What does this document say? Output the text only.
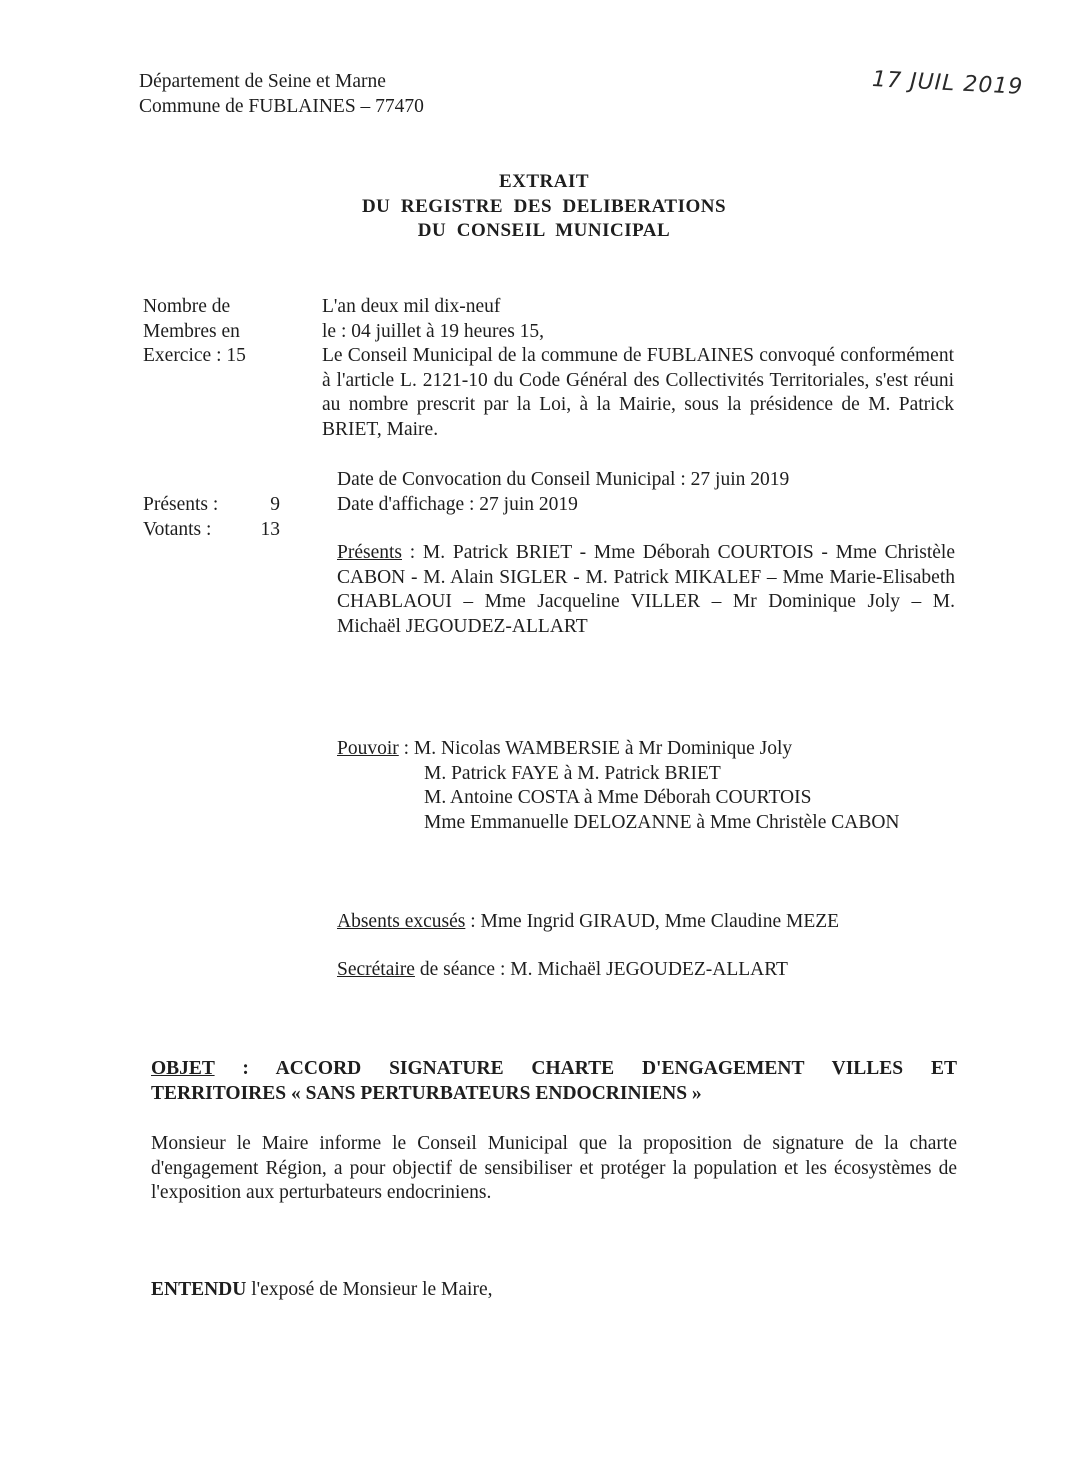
Département de Seine et Marne
Commune de FUBLAINES – 77470
17 JUIL 2019
EXTRAIT
DU  REGISTRE  DES  DELIBERATIONS
DU  CONSEIL  MUNICIPAL
Nombre de
Membres en
Exercice : 15
L'an deux mil dix-neuf
le : 04 juillet à 19 heures 15,
Le Conseil Municipal de la commune de FUBLAINES convoqué conformément à l'article L. 2121-10 du Code Général des Collectivités Territoriales, s'est réuni au nombre prescrit par la Loi, à la Mairie, sous la présidence de M. Patrick BRIET, Maire.
Date de Convocation du Conseil Municipal : 27 juin 2019
Date d'affichage : 27 juin 2019
Présents :	9
Votants :	13
Présents : M. Patrick BRIET - Mme Déborah COURTOIS - Mme Christèle CABON - M. Alain SIGLER - M. Patrick MIKALEF – Mme Marie-Elisabeth CHABLAOUI – Mme Jacqueline VILLER – Mr Dominique Joly – M. Michaël JEGOUDEZ-ALLART
Pouvoir : M. Nicolas WAMBERSIE à Mr Dominique Joly
M. Patrick FAYE à M. Patrick BRIET
M. Antoine COSTA à Mme Déborah COURTOIS
Mme Emmanuelle DELOZANNE à Mme Christèle CABON
Absents excusés : Mme Ingrid GIRAUD, Mme Claudine MEZE
Secrétaire de séance : M. Michaël JEGOUDEZ-ALLART
OBJET : ACCORD SIGNATURE CHARTE D'ENGAGEMENT VILLES ET
TERRITOIRES « SANS PERTURBATEURS ENDOCRINIENS »
Monsieur le Maire informe le Conseil Municipal que la proposition de signature de la charte d'engagement Région, a pour objectif de sensibiliser et protéger la population et les écosystèmes de l'exposition aux perturbateurs endocriniens.
ENTENDU l'exposé de Monsieur le Maire,
